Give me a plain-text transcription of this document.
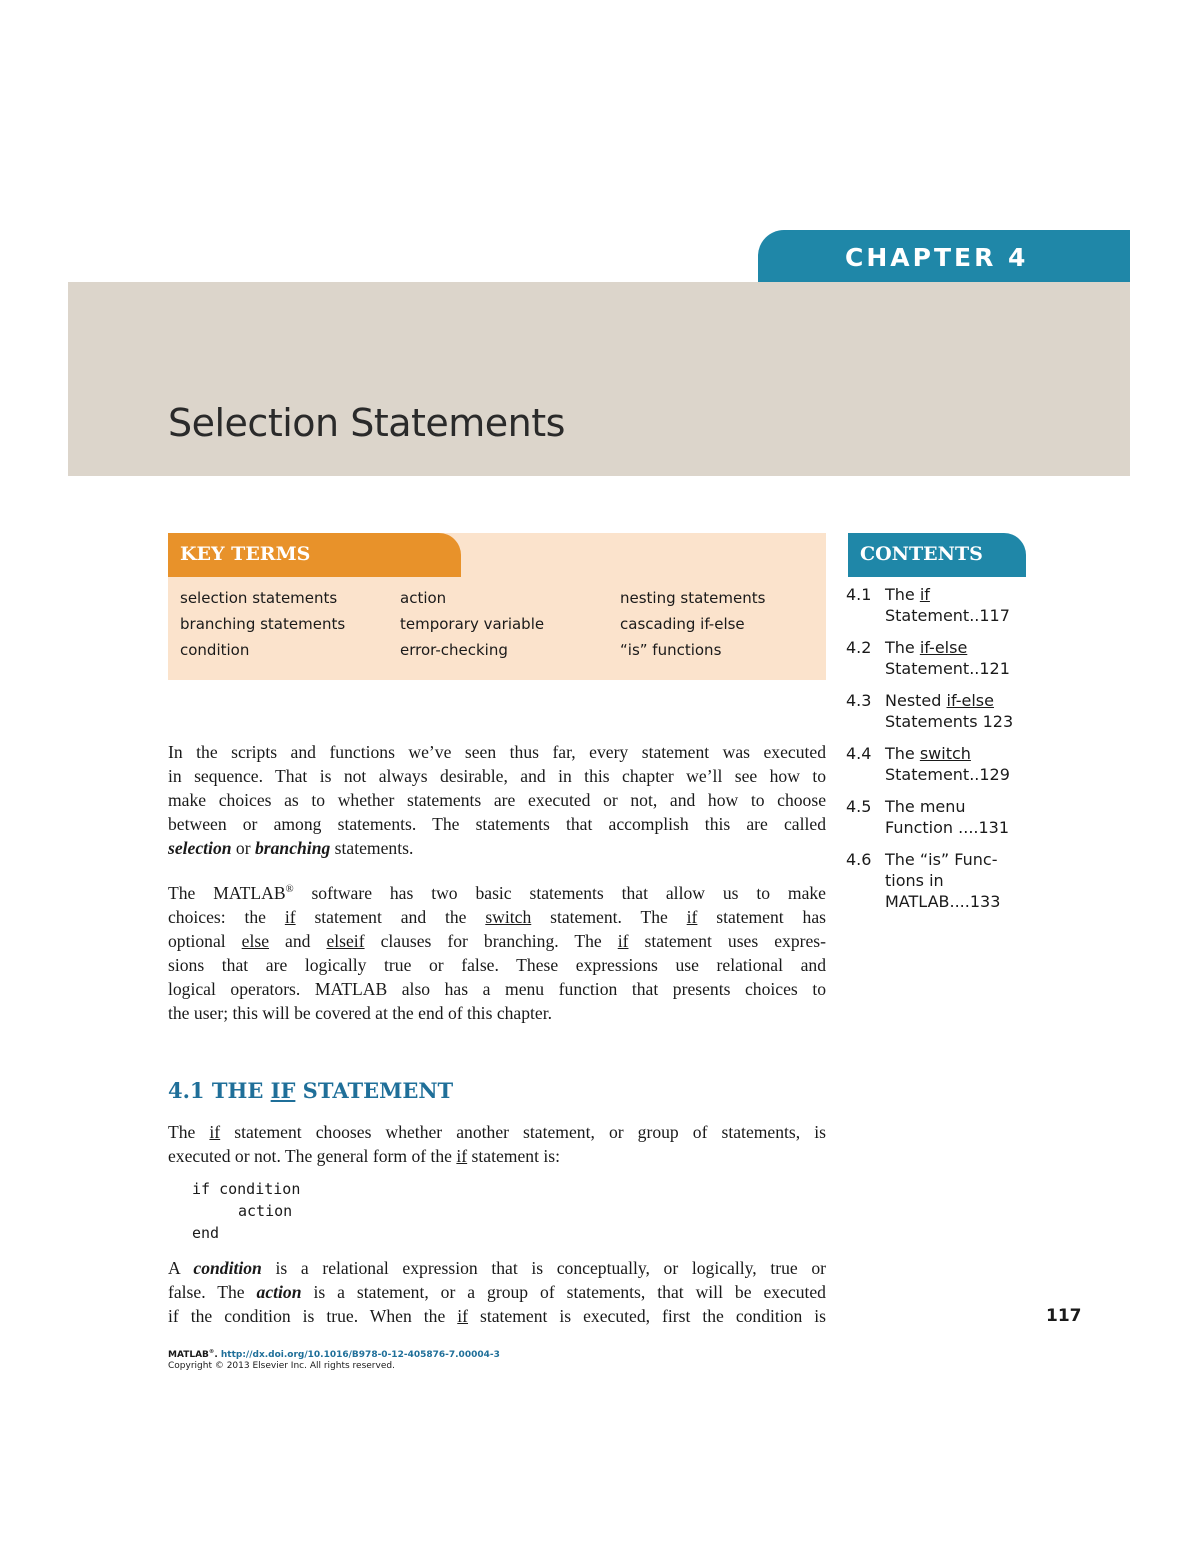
CHAPTER 4
Selection Statements
KEY TERMS
selection statements
branching statements
condition
action
temporary variable
error-checking
nesting statements
cascading if-else
“is” functions
CONTENTS
4.1 The if
Statement..117
4.2 The if-else
Statement..121
4.3 Nested if-else
Statements 123
4.4 The switch
Statement..129
4.5 The menu
Function ....131
4.6 The “is” Func-
tions in
MATLAB....133
In the scripts and functions we’ve seen thus far, every statement was executed
in sequence. That is not always desirable, and in this chapter we’ll see how to
make choices as to whether statements are executed or not, and how to choose
between or among statements. The statements that accomplish this are called
selection or branching statements.
The MATLAB® software has two basic statements that allow us to make
choices: the if statement and the switch statement. The if statement has
optional else and elseif clauses for branching. The if statement uses expres-
sions that are logically true or false. These expressions use relational and
logical operators. MATLAB also has a menu function that presents choices to
the user; this will be covered at the end of this chapter.
4.1 THE IF STATEMENT
The if statement chooses whether another statement, or group of statements, is
executed or not. The general form of the if statement is:
if condition
action
end
A condition is a relational expression that is conceptually, or logically, true or
false. The action is a statement, or a group of statements, that will be executed
if the condition is true. When the if statement is executed, first the condition is	117
MATLAB®. http://dx.doi.org/10.1016/B978-0-12-405876-7.00004-3
Copyright © 2013 Elsevier Inc. All rights reserved.
